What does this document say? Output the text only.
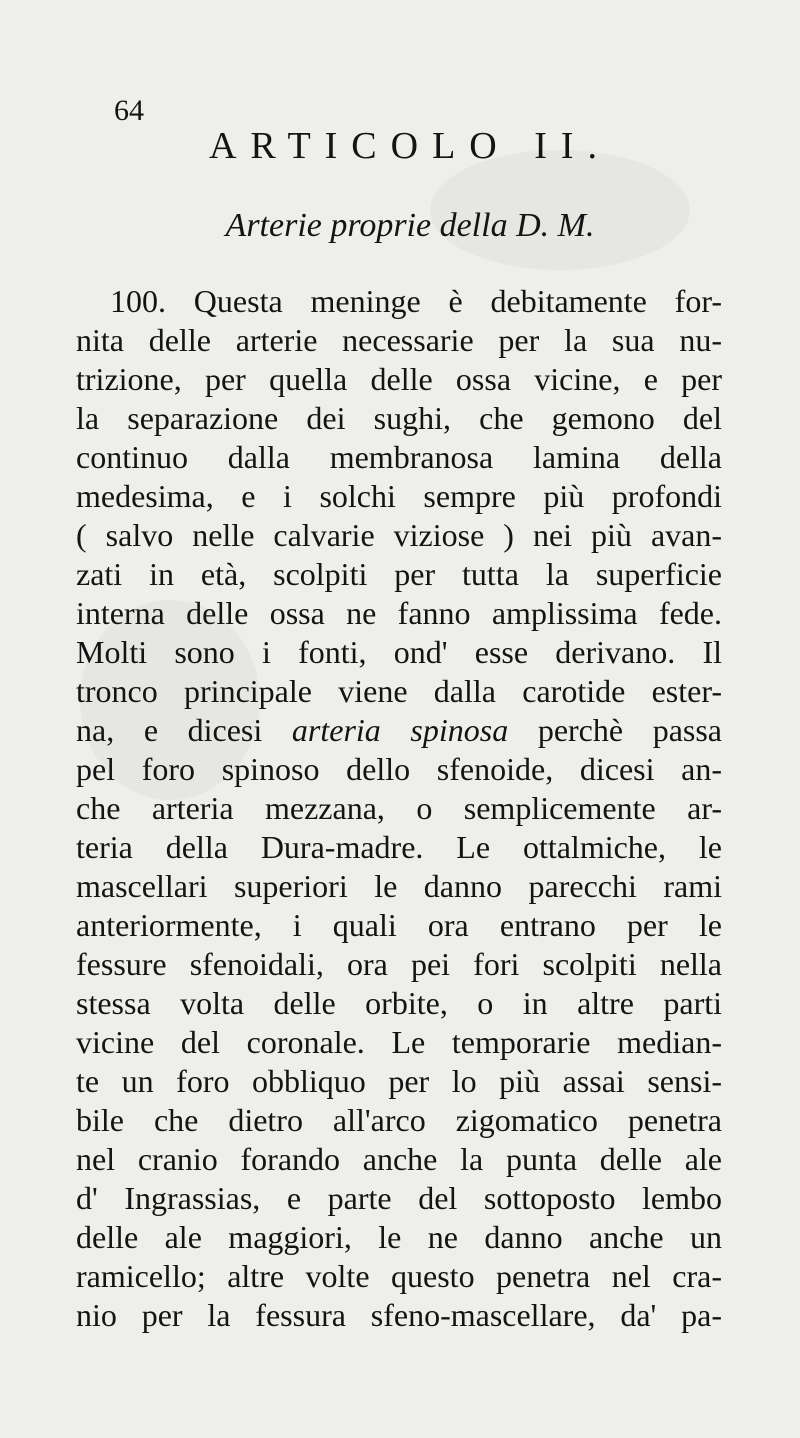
64
ARTICOLO II.
Arterie proprie della D. M.
100. Questa meninge è debitamente for-
nita delle arterie necessarie per la sua nu-
trizione, per quella delle ossa vicine, e per
la separazione dei sughi, che gemono del
continuo dalla membranosa lamina della
medesima, e i solchi sempre più profondi
( salvo nelle calvarie viziose ) nei più avan-
zati in età, scolpiti per tutta la superficie
interna delle ossa ne fanno amplissima fede.
Molti sono i fonti, ond' esse derivano. Il
tronco principale viene dalla carotide ester-
na, e dicesi arteria spinosa perchè passa
pel foro spinoso dello sfenoide, dicesi an-
che arteria mezzana, o semplicemente ar-
teria della Dura-madre. Le ottalmiche, le
mascellari superiori le danno parecchi rami
anteriormente, i quali ora entrano per le
fessure sfenoidali, ora pei fori scolpiti nella
stessa volta delle orbite, o in altre parti
vicine del coronale. Le temporarie median-
te un foro obbliquo per lo più assai sensi-
bile che dietro all'arco zigomatico penetra
nel cranio forando anche la punta delle ale
d' Ingrassias, e parte del sottoposto lembo
delle ale maggiori, le ne danno anche un
ramicello; altre volte questo penetra nel cra-
nio per la fessura sfeno-mascellare, da' pa-
